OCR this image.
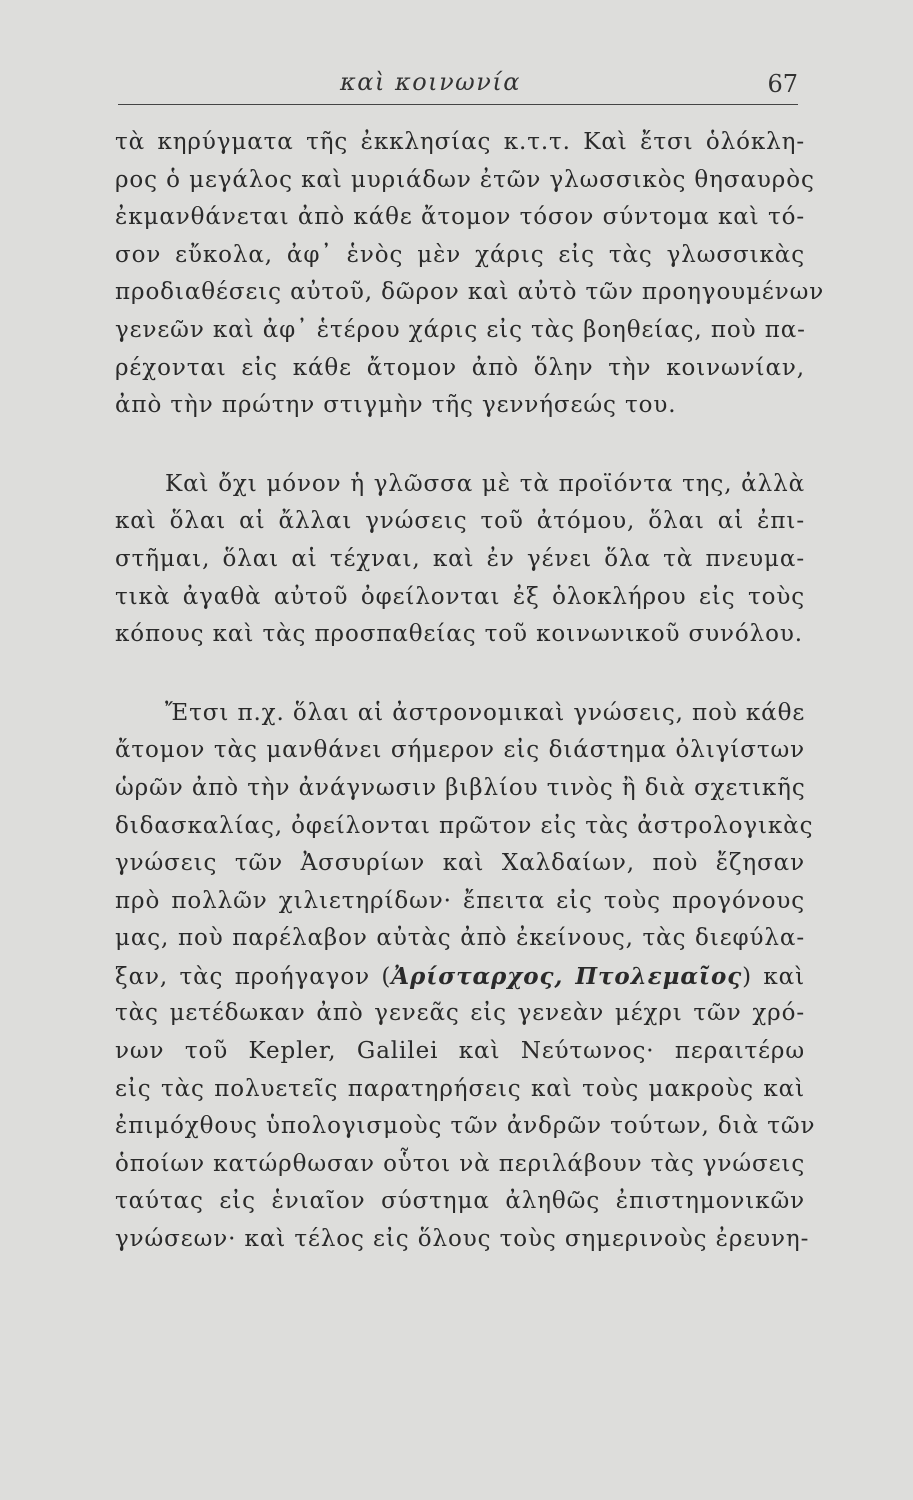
καὶ κοινωνία	67
τὰ κηρύγματα τῆς ἐκκλησίας κ.τ.τ. Καὶ ἔτσι ὁλόκλη-
ρος ὁ μεγάλος καὶ μυριάδων ἐτῶν γλωσσικὸς θησαυρὸς
ἐκμανθάνεται ἀπὸ κάθε ἄτομον τόσον σύντομα καὶ τό-
σον εὔκολα, ἀφ᾽ ἑνὸς μὲν χάρις εἰς τὰς γλωσσικὰς
προδιαθέσεις αὐτοῦ, δῶρον καὶ αὐτὸ τῶν προηγουμένων
γενεῶν καὶ ἀφ᾽ ἑτέρου χάρις εἰς τὰς βοηθείας, ποὺ πα-
ρέχονται εἰς κάθε ἄτομον ἀπὸ ὅλην τὴν κοινωνίαν,
ἀπὸ τὴν πρώτην στιγμὴν τῆς γεννήσεώς του.
Καὶ ὄχι μόνον ἡ γλῶσσα μὲ τὰ προϊόντα της, ἀλλὰ
καὶ ὅλαι αἱ ἄλλαι γνώσεις τοῦ ἀτόμου, ὅλαι αἱ ἐπι-
στῆμαι, ὅλαι αἱ τέχναι, καὶ ἐν γένει ὅλα τὰ πνευμα-
τικὰ ἀγαθὰ αὐτοῦ ὀφείλονται ἐξ ὁλοκλήρου εἰς τοὺς
κόπους καὶ τὰς προσπαθείας τοῦ κοινωνικοῦ συνόλου.
Ἔτσι π.χ. ὅλαι αἱ ἀστρονομικαὶ γνώσεις, ποὺ κάθε
ἄτομον τὰς μανθάνει σήμερον εἰς διάστημα ὀλιγίστων
ὡρῶν ἀπὸ τὴν ἀνάγνωσιν βιβλίου τινὸς ἢ διὰ σχετικῆς
διδασκαλίας, ὀφείλονται πρῶτον εἰς τὰς ἀστρολογικὰς
γνώσεις τῶν Ἀσσυρίων καὶ Χαλδαίων, ποὺ ἔζησαν
πρὸ πολλῶν χιλιετηρίδων· ἔπειτα εἰς τοὺς προγόνους
μας, ποὺ παρέλαβον αὐτὰς ἀπὸ ἐκείνους, τὰς διεφύλα-
ξαν, τὰς προήγαγον (Ἀρίσταρχος, Πτολεμαῖος) καὶ
τὰς μετέδωκαν ἀπὸ γενεᾶς εἰς γενεὰν μέχρι τῶν χρό-
νων τοῦ Kepler, Galilei καὶ Νεύτωνος· περαιτέρω
εἰς τὰς πολυετεῖς παρατηρήσεις καὶ τοὺς μακροὺς καὶ
ἐπιμόχθους ὑπολογισμοὺς τῶν ἀνδρῶν τούτων, διὰ τῶν
ὁποίων κατώρθωσαν οὗτοι νὰ περιλάβουν τὰς γνώσεις
ταύτας εἰς ἑνιαῖον σύστημα ἀληθῶς ἐπιστημονικῶν
γνώσεων· καὶ τέλος εἰς ὅλους τοὺς σημερινοὺς ἐρευνη-
